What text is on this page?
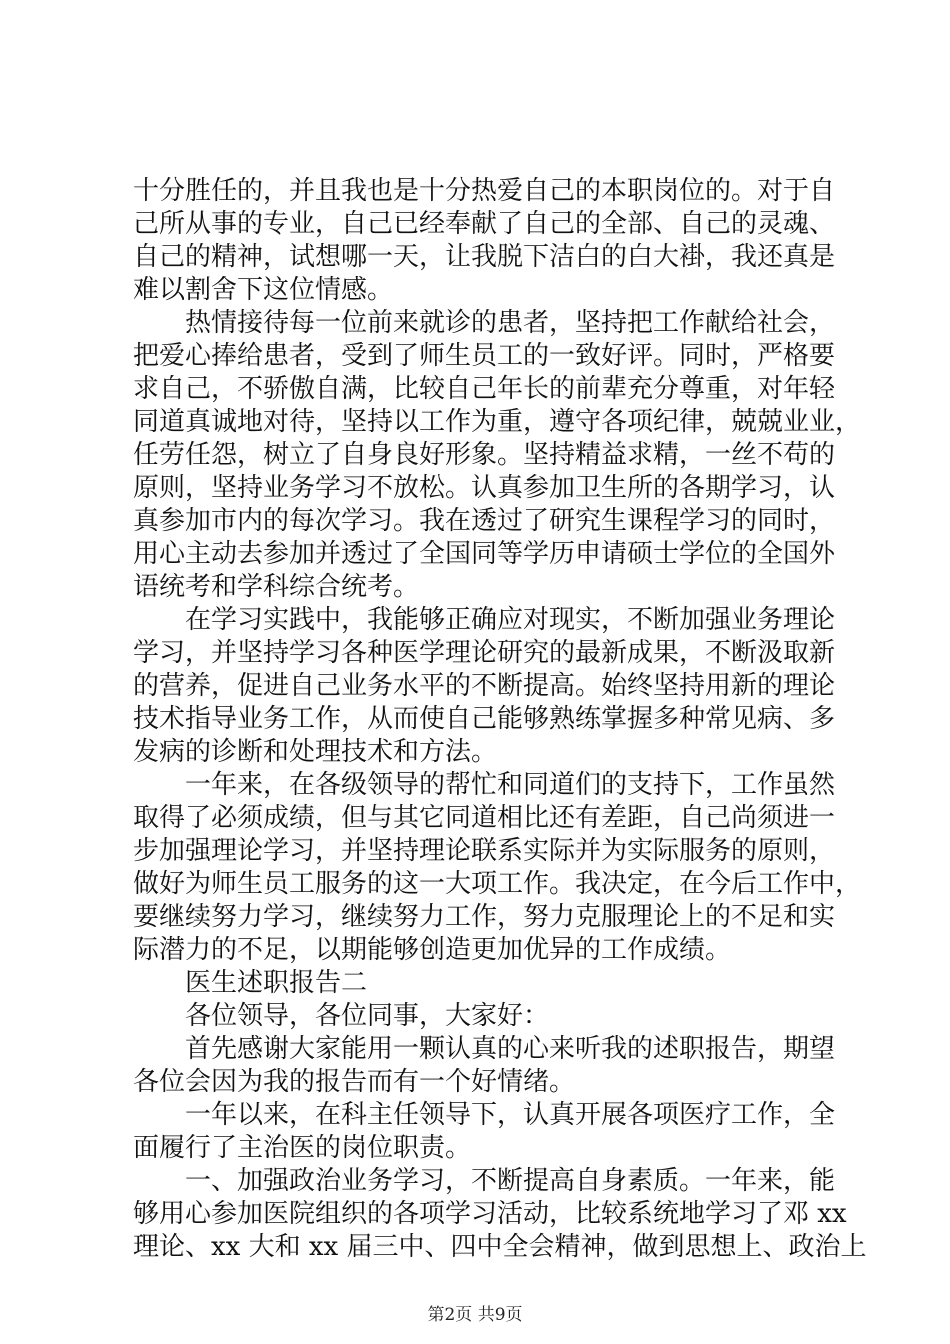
十分胜任的，并且我也是十分热爱自己的本职岗位的。对于自

己所从事的专业，自己已经奉献了自己的全部、自己的灵魂、

自己的精神，试想哪一天，让我脱下洁白的白大褂，我还真是

难以割舍下这位情感。

热情接待每一位前来就诊的患者，坚持把工作献给社会，

把爱心捧给患者，受到了师生员工的一致好评。同时，严格要

求自己，不骄傲自满，比较自己年长的前辈充分尊重，对年轻

同道真诚地对待，坚持以工作为重，遵守各项纪律，兢兢业业，

任劳任怨，树立了自身良好形象。坚持精益求精，一丝不苟的

原则，坚持业务学习不放松。认真参加卫生所的各期学习，认

真参加市内的每次学习。我在透过了研究生课程学习的同时，

用心主动去参加并透过了全国同等学历申请硕士学位的全国外

语统考和学科综合统考。

在学习实践中，我能够正确应对现实，不断加强业务理论

学习，并坚持学习各种医学理论研究的最新成果，不断汲取新

的营养，促进自己业务水平的不断提高。始终坚持用新的理论

技术指导业务工作，从而使自己能够熟练掌握多种常见病、多

发病的诊断和处理技术和方法。

一年来，在各级领导的帮忙和同道们的支持下，工作虽然

取得了必须成绩，但与其它同道相比还有差距，自己尚须进一

步加强理论学习，并坚持理论联系实际并为实际服务的原则，

做好为师生员工服务的这一大项工作。我决定，在今后工作中，

要继续努力学习，继续努力工作，努力克服理论上的不足和实

际潜力的不足，以期能够创造更加优异的工作成绩。

医生述职报告二

各位领导，各位同事，大家好：

首先感谢大家能用一颗认真的心来听我的述职报告，期望

各位会因为我的报告而有一个好情绪。

一年以来，在科主任领导下，认真开展各项医疗工作，全

面履行了主治医的岗位职责。

一、加强政治业务学习，不断提高自身素质。一年来，能

够用心参加医院组织的各项学习活动，比较系统地学习了邓 xx

理论、xx 大和 xx 届三中、四中全会精神，做到思想上、政治上

第2页 共9页
